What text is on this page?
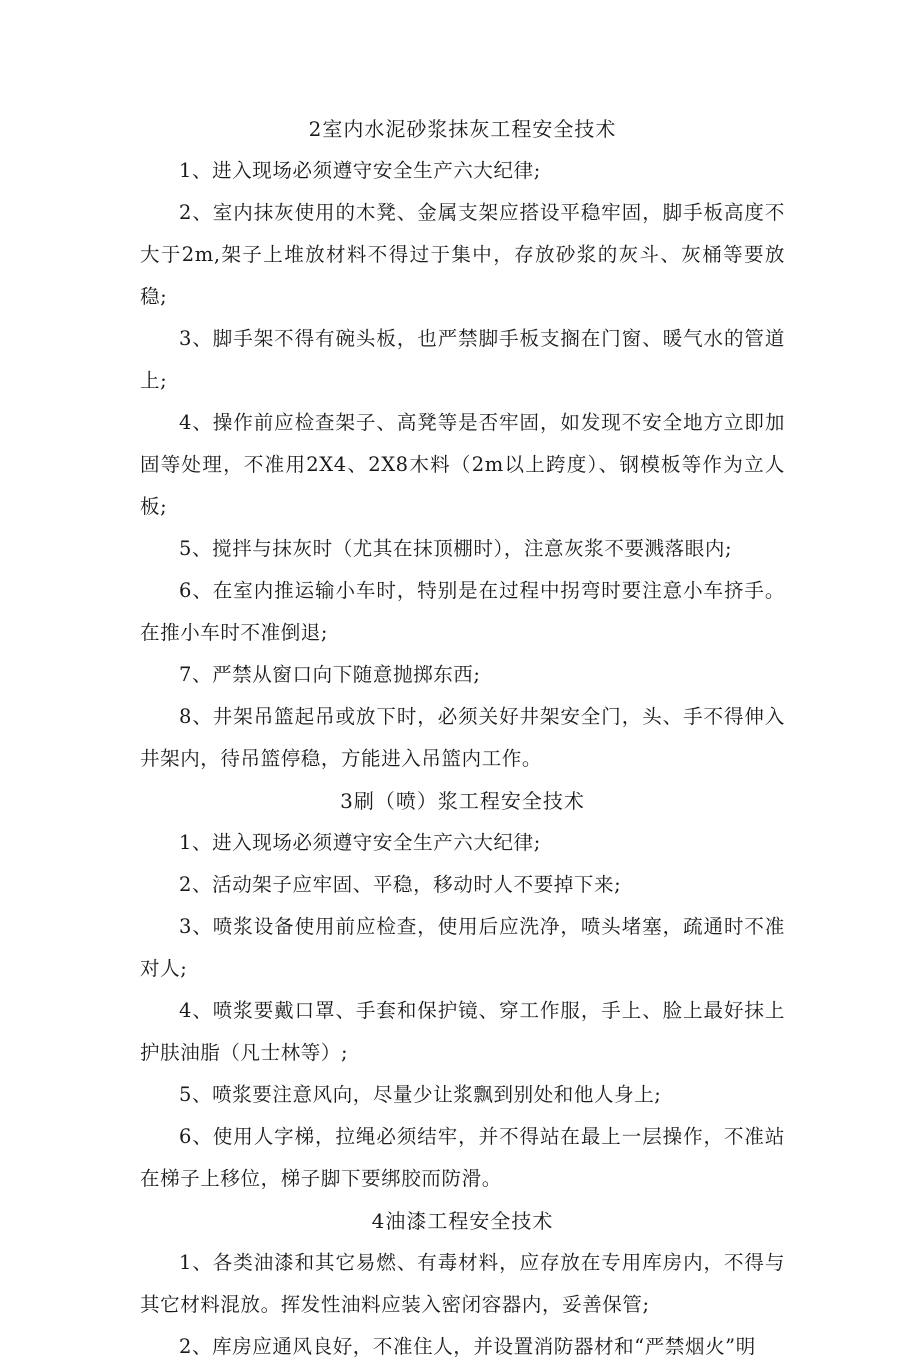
2室内水泥砂浆抹灰工程安全技术

1、进入现场必须遵守安全生产六大纪律;

2、室内抹灰使用的木凳、金属支架应搭设平稳牢固，脚手板高度不大于2m,架子上堆放材料不得过于集中，存放砂浆的灰斗、灰桶等要放稳;

3、脚手架不得有碗头板，也严禁脚手板支搁在门窗、暖气水的管道上;

4、操作前应检查架子、高凳等是否牢固，如发现不安全地方立即加固等处理，不准用2X4、2X8木料（2m以上跨度）、钢模板等作为立人板;

5、搅拌与抹灰时（尤其在抹顶棚时），注意灰浆不要溅落眼内;

6、在室内推运输小车时，特别是在过程中拐弯时要注意小车挤手。在推小车时不准倒退;

7、严禁从窗口向下随意抛掷东西;

8、井架吊篮起吊或放下时，必须关好井架安全门，头、手不得伸入井架内，待吊篮停稳，方能进入吊篮内工作。

3刷（喷）浆工程安全技术

1、进入现场必须遵守安全生产六大纪律;

2、活动架子应牢固、平稳，移动时人不要掉下来;

3、喷浆设备使用前应检查，使用后应洗净，喷头堵塞，疏通时不准对人;

4、喷浆要戴口罩、手套和保护镜、穿工作服，手上、脸上最好抹上护肤油脂（凡士林等）;

5、喷浆要注意风向，尽量少让浆飘到别处和他人身上;

6、使用人字梯，拉绳必须结牢，并不得站在最上一层操作，不准站在梯子上移位，梯子脚下要绑胶而防滑。

4油漆工程安全技术

1、各类油漆和其它易燃、有毒材料，应存放在专用库房内，不得与其它材料混放。挥发性油料应装入密闭容器内，妥善保管;

2、库房应通风良好，不准住人，并设置消防器材和“严禁烟火”明
